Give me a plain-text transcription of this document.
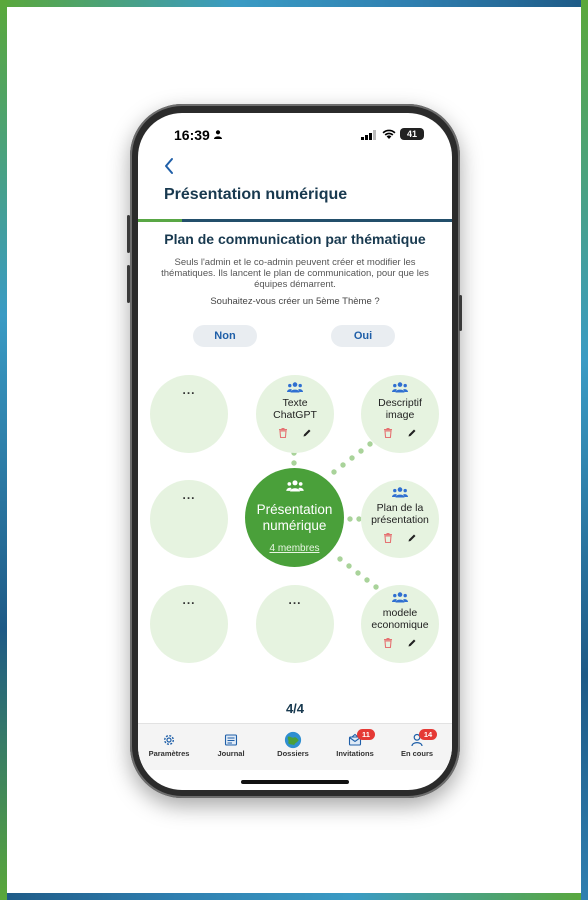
16:39	41
Présentation numérique
Plan de communication par thématique
Seuls l'admin et le co-admin peuvent créer et modifier les thématiques. Ils lancent le plan de communication, pour que les équipes démarrent.
Souhaitez-vous créer un 5ème Thème ?
Non	Oui
...
...
...	...
Texte ChatGPT
Descriptif image
Plan de la présentation
modele economique
Présentation numérique
4 membres
4/4
Paramètres	Journal	Dossiers
11
Invitations
14
En cours
